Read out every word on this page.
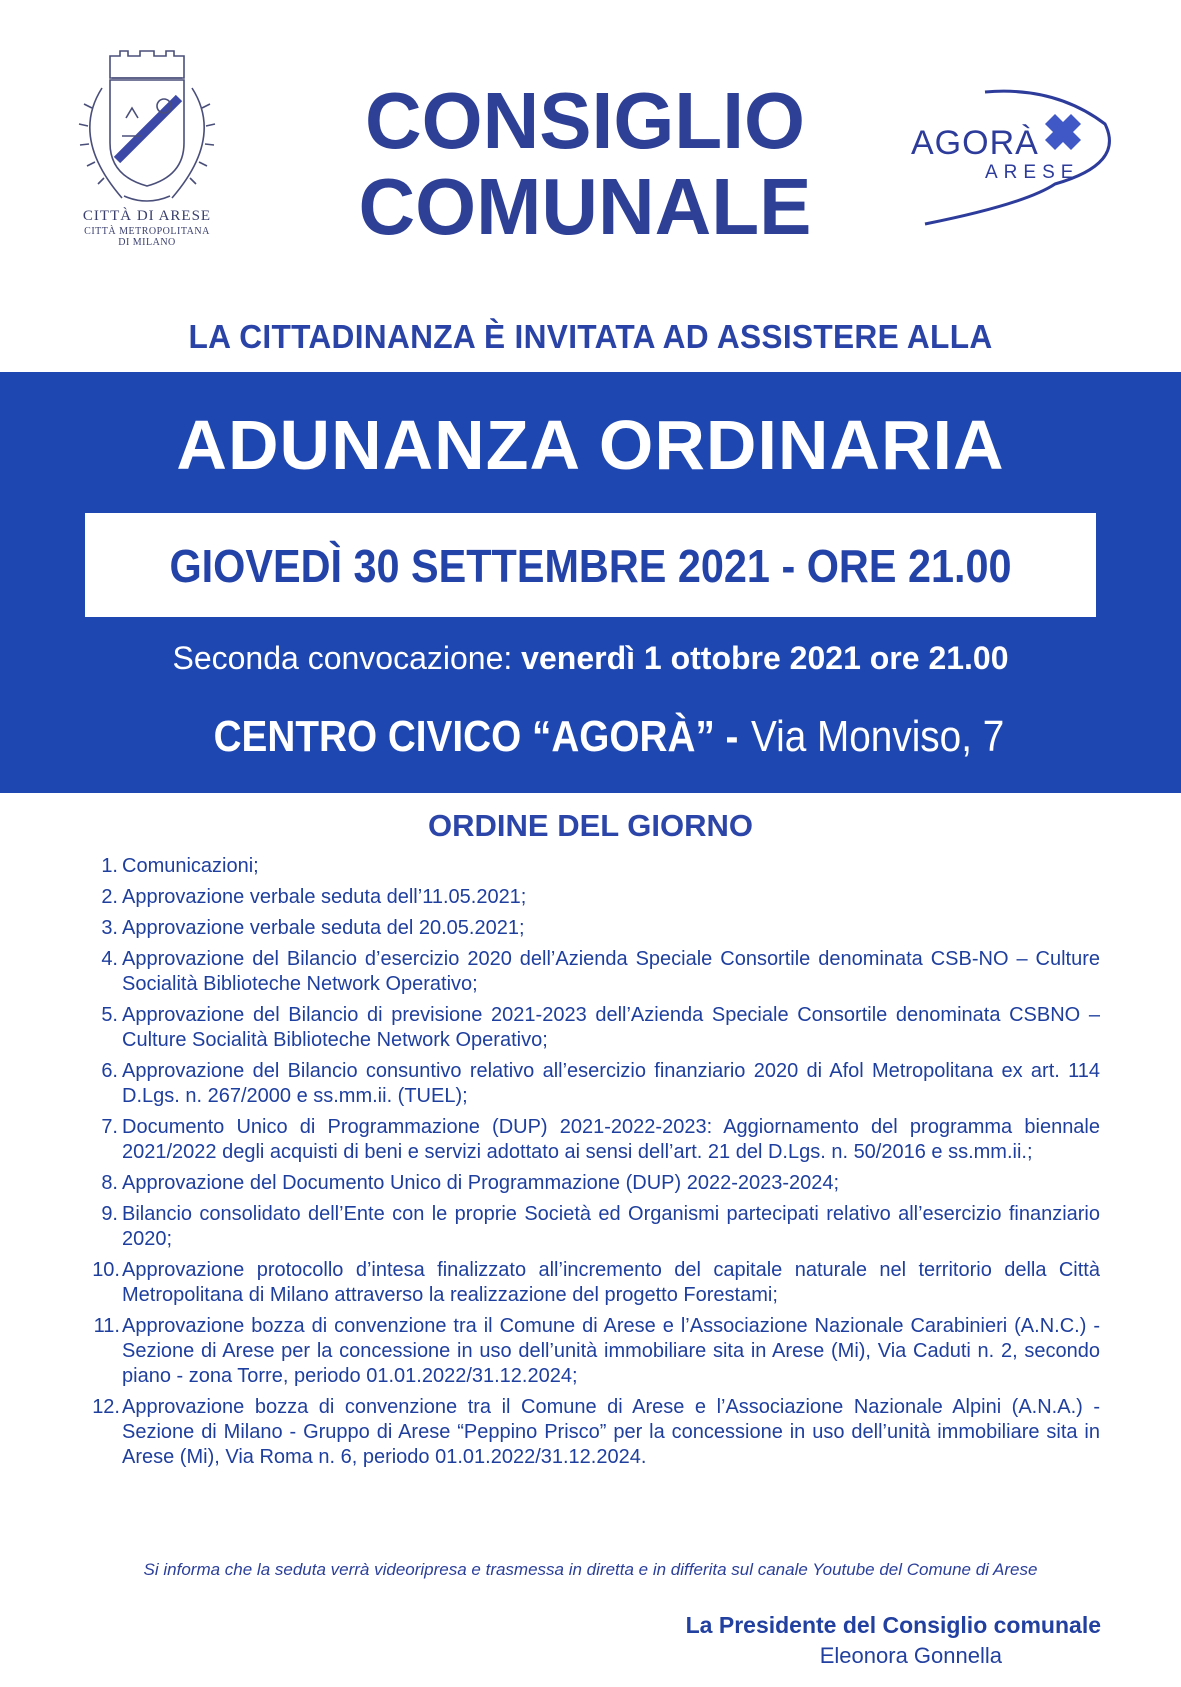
CITTÀ DI ARESE
CITTÀ METROPOLITANA
DI MILANO
CONSIGLIO
COMUNALE
AGORÀ
ARESE
LA CITTADINANZA È INVITATA AD ASSISTERE ALLA
ADUNANZA ORDINARIA
GIOVEDÌ 30 SETTEMBRE 2021 - ORE 21.00
Seconda convocazione: venerdì 1 ottobre 2021 ore 21.00
CENTRO CIVICO “AGORÀ” - Via Monviso, 7
ORDINE DEL GIORNO
1. Comunicazioni;
2. Approvazione verbale seduta dell’11.05.2021;
3. Approvazione verbale seduta del 20.05.2021;
4. Approvazione del Bilancio d’esercizio 2020 dell’Azienda Speciale Consortile denominata CSB-NO – Culture Socialità Biblioteche Network Operativo;
5. Approvazione del Bilancio di previsione 2021-2023 dell’Azienda Speciale Consortile denominata CSBNO – Culture Socialità Biblioteche Network Operativo;
6. Approvazione del Bilancio consuntivo relativo all’esercizio finanziario 2020 di Afol Metropolitana ex art. 114 D.Lgs. n. 267/2000 e ss.mm.ii. (TUEL);
7. Documento Unico di Programmazione (DUP) 2021-2022-2023: Aggiornamento del programma biennale 2021/2022 degli acquisti di beni e servizi adottato ai sensi dell’art. 21 del D.Lgs. n. 50/2016 e ss.mm.ii.;
8. Approvazione del Documento Unico di Programmazione (DUP) 2022-2023-2024;
9. Bilancio consolidato dell’Ente con le proprie Società ed Organismi partecipati relativo all’esercizio finanziario 2020;
10. Approvazione protocollo d’intesa finalizzato all’incremento del capitale naturale nel territorio della Città Metropolitana di Milano attraverso la realizzazione del progetto Forestami;
11. Approvazione bozza di convenzione tra il Comune di Arese e l’Associazione Nazionale Carabinieri (A.N.C.) - Sezione di Arese per la concessione in uso dell’unità immobiliare sita in Arese (Mi), Via Caduti n. 2, secondo piano - zona Torre, periodo 01.01.2022/31.12.2024;
12. Approvazione bozza di convenzione tra il Comune di Arese e l’Associazione Nazionale Alpini (A.N.A.) - Sezione di Milano - Gruppo di Arese “Peppino Prisco” per la concessione in uso dell’unità immobiliare sita in Arese (Mi), Via Roma n. 6, periodo 01.01.2022/31.12.2024.
Si informa che la seduta verrà videoripresa e trasmessa in diretta e in differita sul canale Youtube del Comune di Arese
La Presidente del Consiglio comunale
Eleonora Gonnella
